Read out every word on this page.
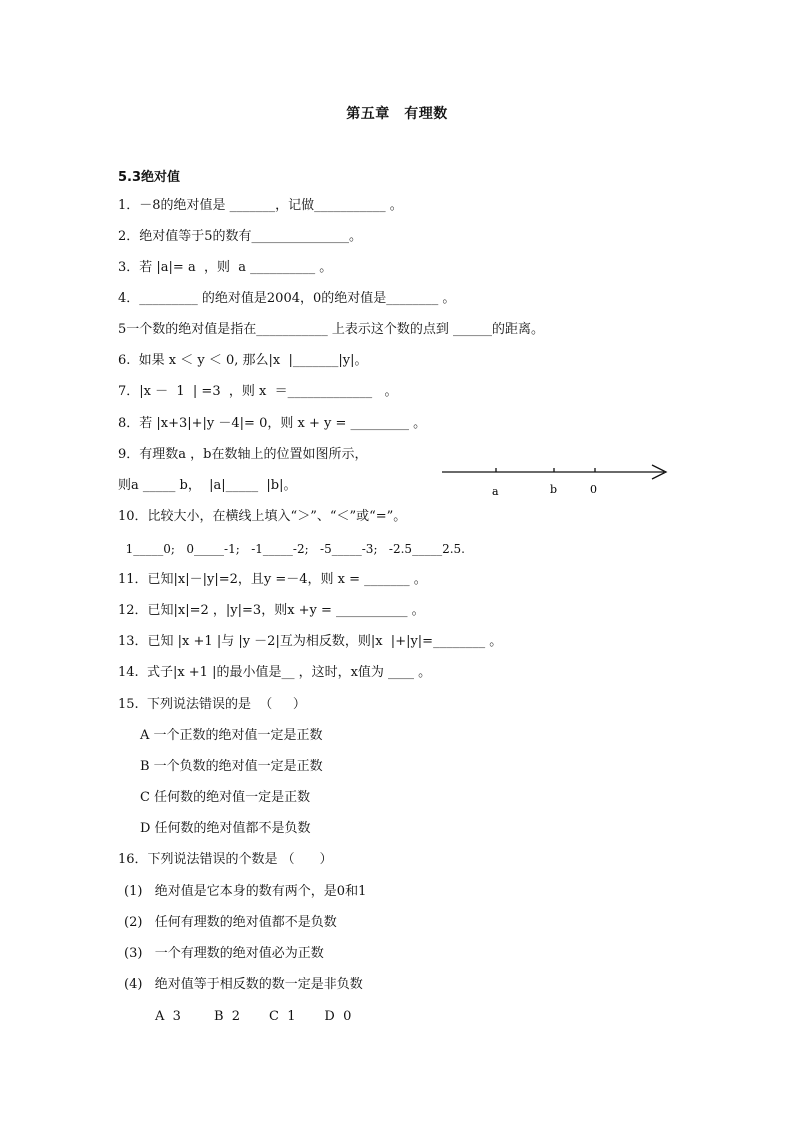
第五章　有理数
5.3绝对值
1．－8的绝对值是 _______，记做___________ 。
2．绝对值等于5的数有_______________。
3．若 |a|= a  ，则  a __________ 。
4．_________ 的绝对值是2004，0的绝对值是________ 。
5一个数的绝对值是指在___________ 上表示这个数的点到 ______的距离。
6.  如果 x ＜ y ＜ 0, 那么|x  |_______|y|。
7．|x －  1  | =3  ，则 x  ＝_____________   。
8．若 |x+3|+|y －4|= 0，则 x + y = _________ 。
9．有理数a ，b在数轴上的位置如图所示，
则a _____ b，  |a|_____  |b|。	a	b	0
10．比较大小，在横线上填入“＞”、“＜”或“=”。
1_____0;   0_____-1;   -1_____-2;   -5_____-3;   -2.5_____2.5.
11．已知|x|－|y|=2，且y =－4，则 x = _______ 。
12．已知|x|=2 ，|y|=3，则x +y = ___________ 。
13．已知 |x +1 |与 |y －2|互为相反数，则|x  |+|y|=________ 。
14.  式子|x +1 |的最小值是__ ，这时，x值为 ____ 。
15.  下列说法错误的是  （     ）
A 一个正数的绝对值一定是正数
B 一个负数的绝对值一定是正数
C 任何数的绝对值一定是正数
D 任何数的绝对值都不是负数
16．下列说法错误的个数是 （      ）
(1)   绝对值是它本身的数有两个，是0和1
(2)   任何有理数的绝对值都不是负数
(3)   一个有理数的绝对值必为正数
(4)   绝对值等于相反数的数一定是非负数
A  3        B  2       C  1       D  0
